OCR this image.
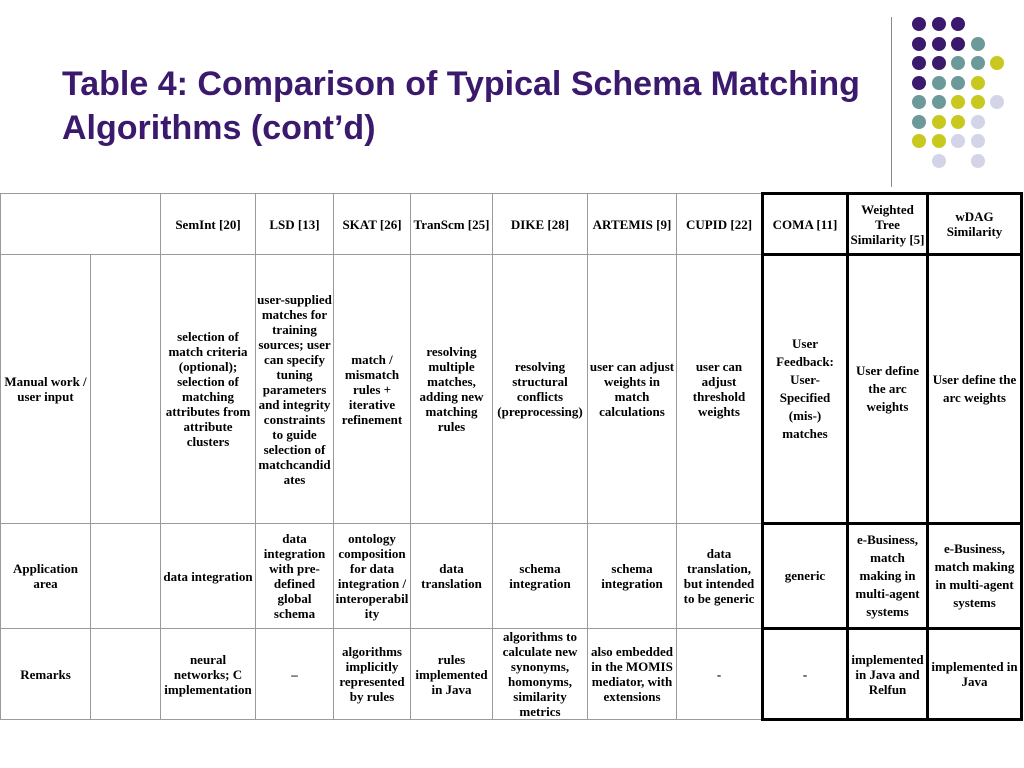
Table 4: Comparison of Typical Schema Matching Algorithms (cont’d)
		SemInt [20]	LSD [13]	SKAT [26]	TranScm [25]	DIKE [28]	ARTEMIS [9]	CUPID [22]	COMA [11]	Weighted Tree Similarity [5]	wDAG Similarity
Manual work / user input		selection of match criteria (optional); selection of matching attributes from attribute clusters	user-supplied matches for training sources; user can specify tuning parameters and integrity constraints to guide selection of matchcandidates	match / mismatch rules + iterative refinement	resolving multiple matches, adding new matching rules	resolving structural conflicts (preprocessing)	user can adjust weights in match calculations	user can adjust threshold weights	User Feedback: User-Specified (mis-) matches	User define the arc weights	User define the arc weights
Application area		data integration	data integration with pre-defined global schema	ontology composition for data integration / interoperability	data translation	schema integration	schema integration	data translation, but intended to be generic	generic	e-Business, match making in multi-agent systems	e-Business, match making in multi-agent systems
Remarks		neural networks; C implementation	–	algorithms implicitly represented by rules	rules implemented in Java	algorithms to calculate new synonyms, homonyms, similarity metrics	also embedded in the MOMIS mediator, with extensions	-	-	implemented in Java and Relfun	implemented in Java
